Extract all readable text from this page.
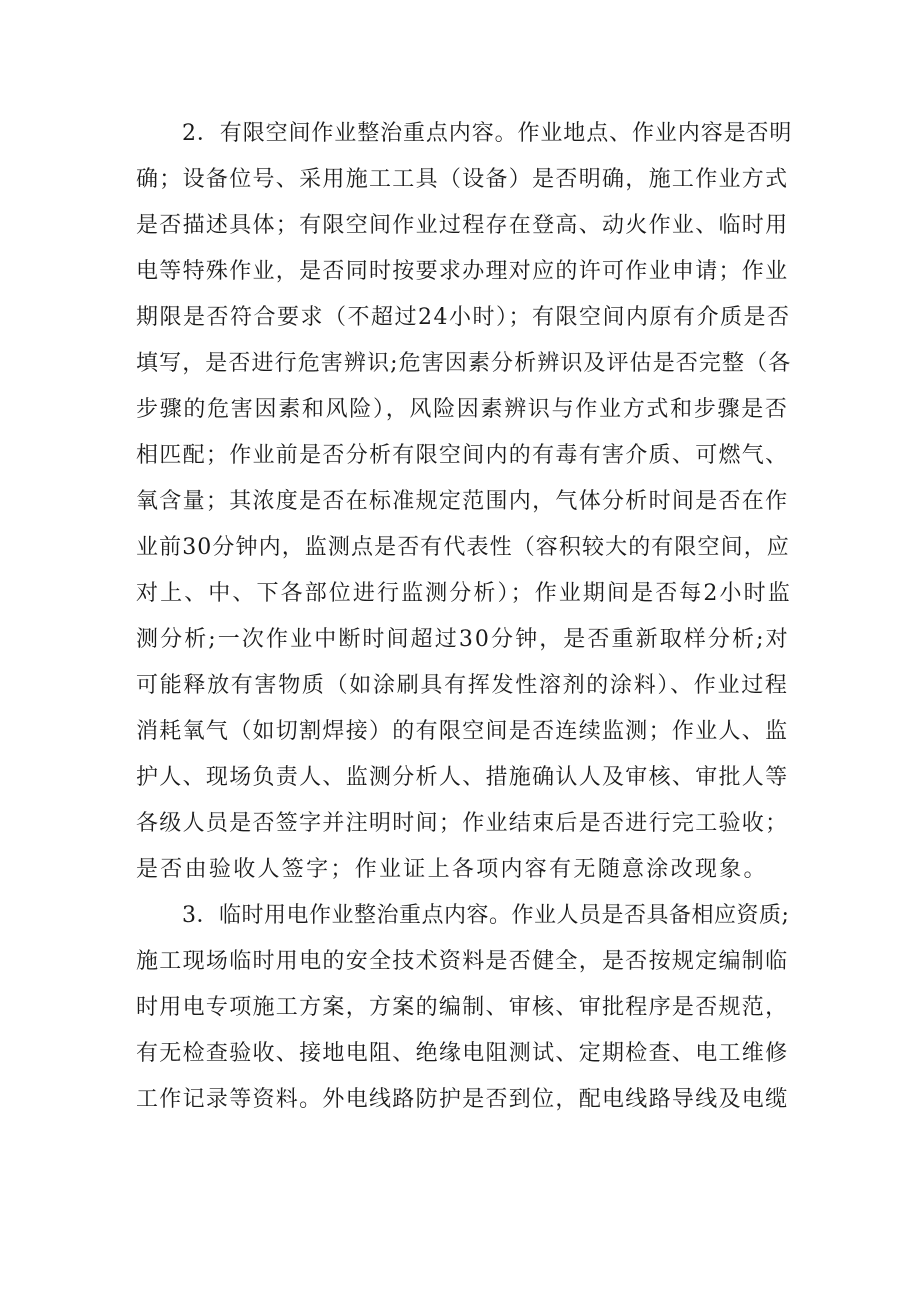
2．有限空间作业整治重点内容。作业地点、作业内容是否明
确；设备位号、采用施工工具（设备）是否明确，施工作业方式
是否描述具体；有限空间作业过程存在登高、动火作业、临时用
电等特殊作业，是否同时按要求办理对应的许可作业申请；作业
期限是否符合要求（不超过24小时）；有限空间内原有介质是否
填写，是否进行危害辨识;危害因素分析辨识及评估是否完整（各
步骤的危害因素和风险），风险因素辨识与作业方式和步骤是否
相匹配；作业前是否分析有限空间内的有毒有害介质、可燃气、
氧含量；其浓度是否在标准规定范围内，气体分析时间是否在作
业前30分钟内，监测点是否有代表性（容积较大的有限空间，应
对上、中、下各部位进行监测分析）；作业期间是否每2小时监
测分析;一次作业中断时间超过30分钟，是否重新取样分析;对
可能释放有害物质（如涂刷具有挥发性溶剂的涂料）、作业过程
消耗氧气（如切割焊接）的有限空间是否连续监测；作业人、监
护人、现场负责人、监测分析人、措施确认人及审核、审批人等
各级人员是否签字并注明时间；作业结束后是否进行完工验收；
是否由验收人签字；作业证上各项内容有无随意涂改现象。
3．临时用电作业整治重点内容。作业人员是否具备相应资质;
施工现场临时用电的安全技术资料是否健全，是否按规定编制临
时用电专项施工方案，方案的编制、审核、审批程序是否规范，
有无检查验收、接地电阻、绝缘电阻测试、定期检查、电工维修
工作记录等资料。外电线路防护是否到位，配电线路导线及电缆
